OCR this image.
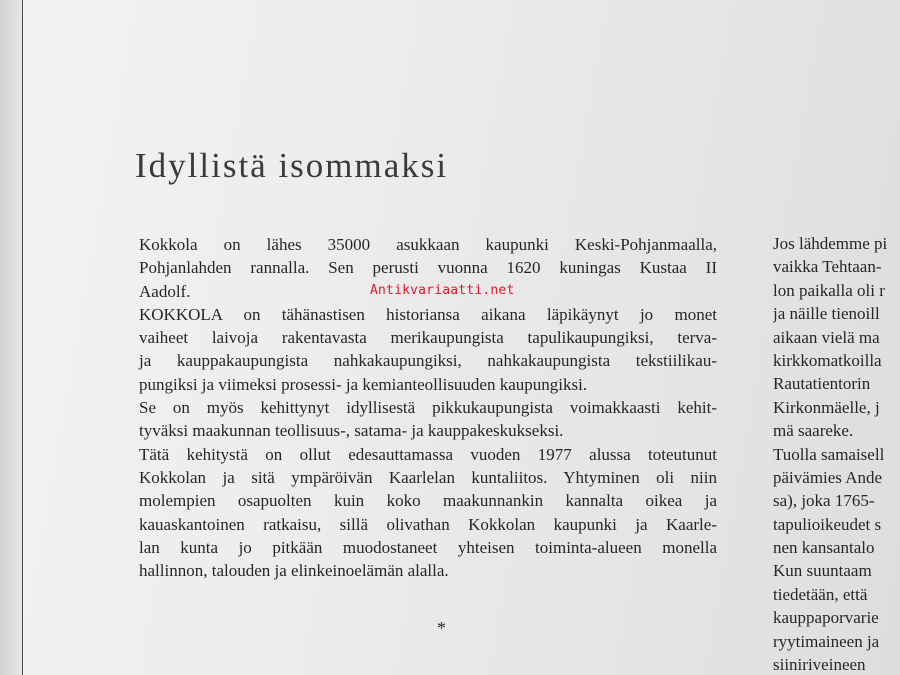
Idyllistä isommaksi
Kokkola on lähes 35000 asukkaan kaupunki Keski-Pohjanmaalla,
Pohjanlahden rannalla. Sen perusti vuonna 1620 kuningas Kustaa II
Aadolf.
KOKKOLA on tähänastisen historiansa aikana läpikäynyt jo monet
vaiheet laivoja rakentavasta merikaupungista tapulikaupungiksi, terva-
ja kauppakaupungista nahkakaupungiksi, nahkakaupungista tekstiilikau-
pungiksi ja viimeksi prosessi- ja kemianteollisuuden kaupungiksi.
Se on myös kehittynyt idyllisestä pikkukaupungista voimakkaasti kehit-
tyväksi maakunnan teollisuus-, satama- ja kauppakeskukseksi.
Tätä kehitystä on ollut edesauttamassa vuoden 1977 alussa toteutunut
Kokkolan ja sitä ympäröivän Kaarlelan kuntaliitos. Yhtyminen oli niin
molempien osapuolten kuin koko maakunnankin kannalta oikea ja
kauaskantoinen ratkaisu, sillä olivathan Kokkolan kaupunki ja Kaarle-
lan kunta jo pitkään muodostaneet yhteisen toiminta-alueen monella
hallinnon, talouden ja elinkeinoelämän alalla.
Antikvariaatti.net
*
Jos lähdemme pi
vaikka Tehtaan-
lon paikalla oli r
ja näille tienoill
aikaan vielä ma
kirkkomatkoilla
Rautatientorin
Kirkonmäelle, j
mä saareke.
Tuolla samaisell
päivämies Ande
sa), joka 1765-
tapulioikeudet s
nen kansantalo
Kun suuntaam
tiedetään, että
kauppaporvarie
ryytimaineen ja
siiniriveineen
